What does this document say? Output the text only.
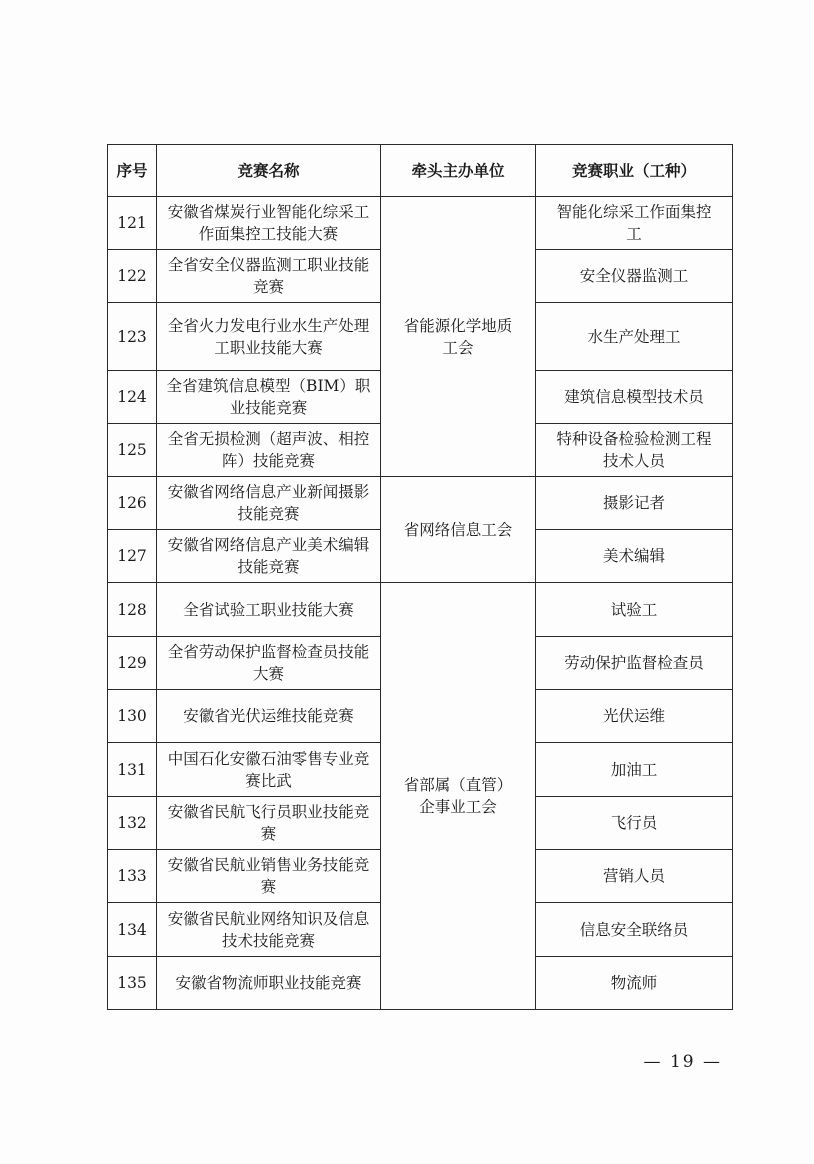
序号	竞赛名称	牵头主办单位	竞赛职业（工种）
121	安徽省煤炭行业智能化综采工作面集控工技能大赛	省能源化学地质工会	智能化综采工作面集控工
122	全省安全仪器监测工职业技能竞赛		安全仪器监测工
123	全省火力发电行业水生产处理工职业技能大赛		水生产处理工
124	全省建筑信息模型（BIM）职业技能竞赛		建筑信息模型技术员
125	全省无损检测（超声波、相控阵）技能竞赛		特种设备检验检测工程技术人员
126	安徽省网络信息产业新闻摄影技能竞赛	省网络信息工会	摄影记者
127	安徽省网络信息产业美术编辑技能竞赛		美术编辑
128	全省试验工职业技能大赛	省部属（直管）企事业工会	试验工
129	全省劳动保护监督检查员技能大赛		劳动保护监督检查员
130	安徽省光伏运维技能竞赛		光伏运维
131	中国石化安徽石油零售专业竞赛比武		加油工
132	安徽省民航飞行员职业技能竞赛		飞行员
133	安徽省民航业销售业务技能竞赛		营销人员
134	安徽省民航业网络知识及信息技术技能竞赛		信息安全联络员
135	安徽省物流师职业技能竞赛		物流师
— 19 —
